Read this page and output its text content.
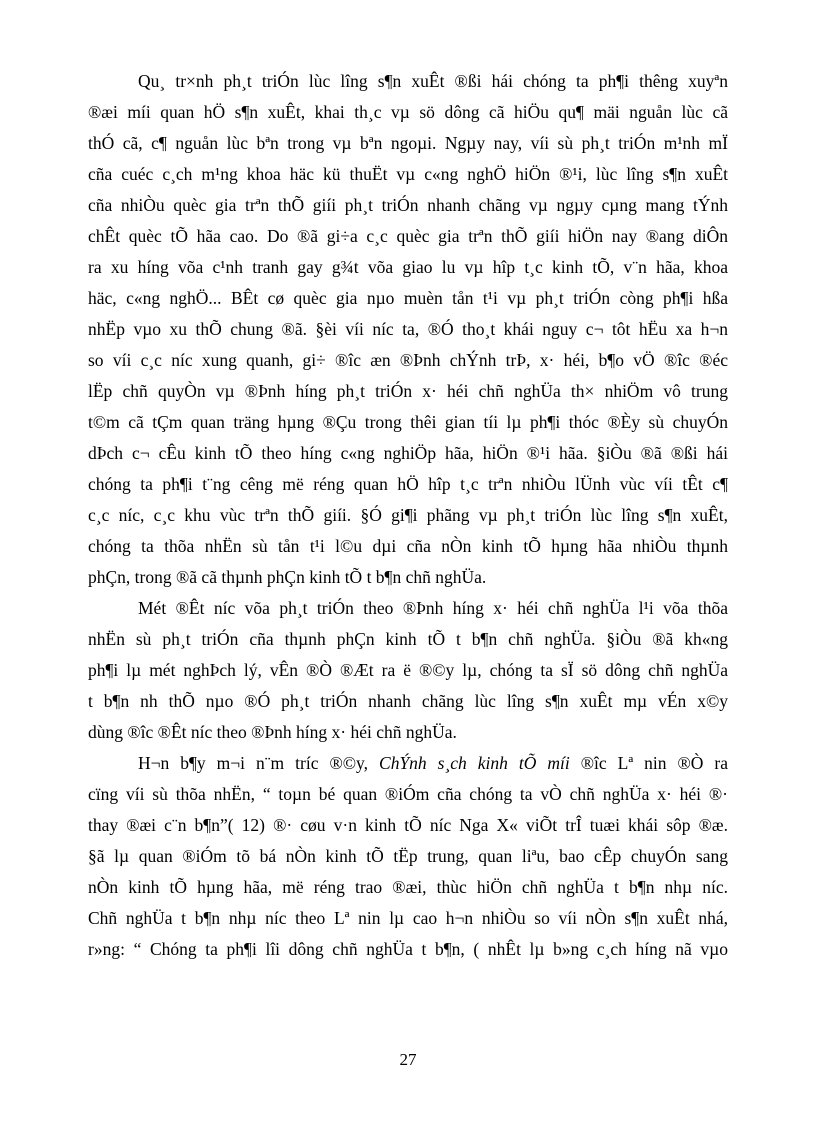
Qu¸ tr×nh ph¸t triÓn lùc lîng s¶n xuÊt ®ßi hái chóng ta ph¶i thêng xuyªn
®æi míi quan hÖ s¶n xuÊt, khai th¸c vµ sö dông cã hiÖu qu¶ mäi nguån lùc cã
thÓ cã, c¶ nguån lùc bªn trong vµ bªn ngoµi. Ngµy nay, víi sù ph¸t triÓn m¹nh mÏ
cña cuéc c¸ch m¹ng khoa häc kü thuËt vµ c«ng nghÖ hiÖn ®¹i, lùc lîng s¶n xuÊt
cña nhiÒu quèc gia trªn thÕ giíi ph¸t triÓn nhanh chãng vµ ngµy cµng mang tÝnh
chÊt quèc tÕ hãa cao. Do ®ã gi÷a c¸c quèc gia trªn thÕ giíi hiÖn nay ®ang diÔn
ra xu híng võa c¹nh tranh gay g¾t võa giao lu vµ hîp t¸c kinh tÕ, v¨n hãa, khoa
häc, c«ng nghÖ... BÊt cø quèc gia nµo muèn tån t¹i vµ ph¸t triÓn còng ph¶i hßa
nhËp vµo xu thÕ chung ®ã. §èi víi níc ta, ®Ó tho¸t khái nguy c¬ tôt hËu xa h¬n
so víi c¸c níc xung quanh, gi÷ ®îc æn ®Þnh chÝnh trÞ, x· héi, b¶o vÖ ®îc ®éc
lËp chñ quyÒn vµ ®Þnh híng ph¸t triÓn x· héi chñ nghÜa th× nhiÖm vô trung
t©m cã tÇm quan träng hµng ®Çu trong thêi gian tíi lµ ph¶i thóc ®Èy sù chuyÓn
dÞch c¬ cÊu kinh tÕ theo híng c«ng nghiÖp hãa, hiÖn ®¹i hãa. §iÒu ®ã ®ßi hái
chóng ta ph¶i t¨ng cêng më réng quan hÖ hîp t¸c trªn nhiÒu lÜnh vùc víi tÊt c¶
c¸c níc, c¸c khu vùc trªn thÕ giíi. §Ó gi¶i phãng vµ ph¸t triÓn lùc lîng s¶n xuÊt,
chóng ta thõa nhËn sù tån t¹i l©u dµi cña nÒn kinh tÕ hµng hãa nhiÒu thµnh
phÇn, trong ®ã cã thµnh phÇn kinh tÕ t b¶n chñ nghÜa.
Mét ®Êt níc võa ph¸t triÓn theo ®Þnh híng x· héi chñ nghÜa l¹i võa thõa
nhËn sù ph¸t triÓn cña thµnh phÇn kinh tÕ t b¶n chñ nghÜa. §iÒu ®ã kh«ng
ph¶i lµ mét nghÞch lý, vÊn ®Ò ®Æt ra ë ®©y lµ, chóng ta sÏ sö dông chñ nghÜa
t b¶n nh thÕ nµo ®Ó ph¸t triÓn nhanh chãng lùc lîng s¶n xuÊt mµ vÉn x©y
dùng ®îc ®Êt níc theo ®Þnh híng x· héi chñ nghÜa.
H¬n b¶y m¬i n¨m tríc ®©y, ChÝnh s¸ch kinh tÕ míi ®îc Lª nin ®Ò ra
cïng víi sù thõa nhËn, “ toµn bé quan ®iÓm cña chóng ta vÒ chñ nghÜa x· héi ®·
thay ®æi c¨n b¶n”( 12) ®· cøu v·n kinh tÕ níc Nga X« viÕt trÎ tuæi khái sôp ®æ.
§ã lµ quan ®iÓm tõ bá nÒn kinh tÕ tËp trung, quan liªu, bao cÊp chuyÓn sang
nÒn kinh tÕ hµng hãa, më réng trao ®æi, thùc hiÖn chñ nghÜa t b¶n nhµ níc.
Chñ nghÜa t b¶n nhµ níc theo Lª nin lµ cao h¬n nhiÒu so víi nÒn s¶n xuÊt nhá,
r»ng: “ Chóng ta ph¶i lîi dông chñ nghÜa t b¶n, ( nhÊt lµ b»ng c¸ch híng nã vµo
27
